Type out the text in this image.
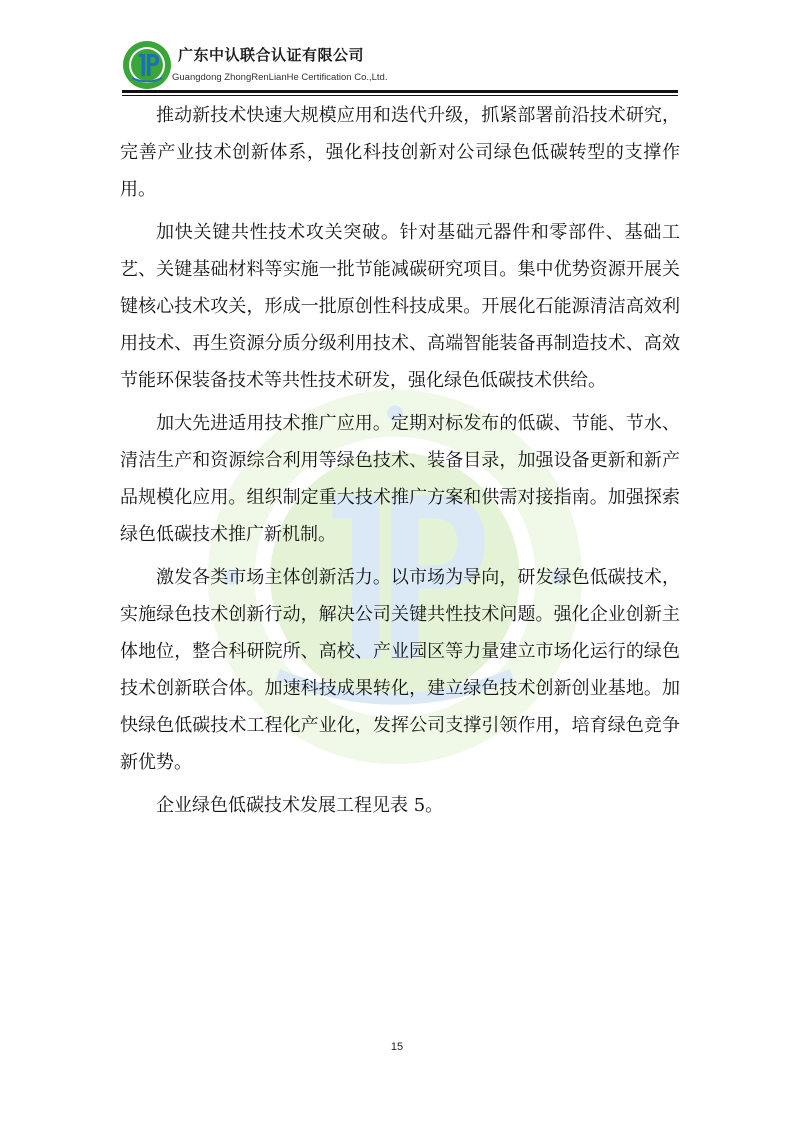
广东中认联合认证有限公司
Guangdong ZhongRenLianHe Certification Co.,Ltd.

推动新技术快速大规模应用和迭代升级，抓紧部署前沿技术研究，完善产业技术创新体系，强化科技创新对公司绿色低碳转型的支撑作用。

加快关键共性技术攻关突破。针对基础元器件和零部件、基础工艺、关键基础材料等实施一批节能减碳研究项目。集中优势资源开展关键核心技术攻关，形成一批原创性科技成果。开展化石能源清洁高效利用技术、再生资源分质分级利用技术、高端智能装备再制造技术、高效节能环保装备技术等共性技术研发，强化绿色低碳技术供给。

加大先进适用技术推广应用。定期对标发布的低碳、节能、节水、清洁生产和资源综合利用等绿色技术、装备目录，加强设备更新和新产品规模化应用。组织制定重大技术推广方案和供需对接指南。加强探索绿色低碳技术推广新机制。

激发各类市场主体创新活力。以市场为导向，研发绿色低碳技术，实施绿色技术创新行动，解决公司关键共性技术问题。强化企业创新主体地位，整合科研院所、高校、产业园区等力量建立市场化运行的绿色技术创新联合体。加速科技成果转化，建立绿色技术创新创业基地。加快绿色低碳技术工程化产业化，发挥公司支撑引领作用，培育绿色竞争新优势。

企业绿色低碳技术发展工程见表 5。

15
